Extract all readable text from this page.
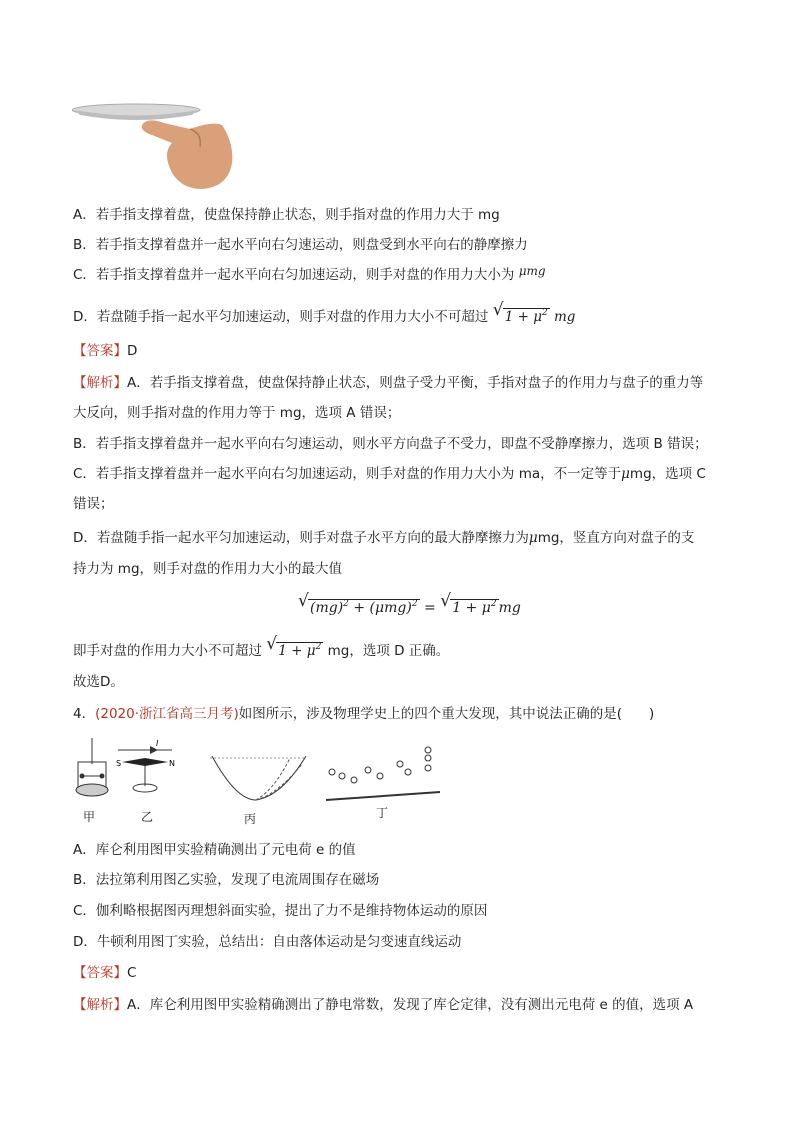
A．若手指支撑着盘，使盘保持静止状态，则手指对盘的作用力大于 mg
B．若手指支撑着盘并一起水平向右匀速运动，则盘受到水平向右的静摩擦力
C．若手指支撑着盘并一起水平向右匀加速运动，则手对盘的作用力大小为 μmg
D．若盘随手指一起水平匀加速运动，则手对盘的作用力大小不可超过 √ $1 + \mu^2$ mg
【答案】D
【解析】A．若手指支撑着盘，使盘保持静止状态，则盘子受力平衡，手指对盘子的作用力与盘子的重力等
大反向，则手指对盘的作用力等于 mg，选项 A 错误；
B．若手指支撑着盘并一起水平向右匀速运动，则水平方向盘子不受力，即盘不受静摩擦力，选项 B 错误；
C．若手指支撑着盘并一起水平向右匀加速运动，则手对盘的作用力大小为 ma，不一定等于μmg，选项 C
错误；
D．若盘随手指一起水平匀加速运动，则手对盘子水平方向的最大静摩擦力为μmg，竖直方向对盘子的支
持力为 mg，则手对盘的作用力大小的最大值
√ $(mg)^2 + (\mu mg)^2$ = √ $1 + \mu^2$ mg
即手对盘的作用力大小不可超过 √ $1 + \mu^2$ mg，选项 D 正确。
故选D。
4．(2020·浙江省高三月考)如图所示，涉及物理学史上的四个重大发现，其中说法正确的是(　　)
甲
I
S	N
乙	丙	丁
A．库仑利用图甲实验精确测出了元电荷 e 的值
B．法拉第利用图乙实验，发现了电流周围存在磁场
C．伽利略根据图丙理想斜面实验，提出了力不是维持物体运动的原因
D．牛顿利用图丁实验，总结出：自由落体运动是匀变速直线运动
【答案】C
【解析】A．库仑利用图甲实验精确测出了静电常数，发现了库仑定律，没有测出元电荷 e 的值，选项 A
